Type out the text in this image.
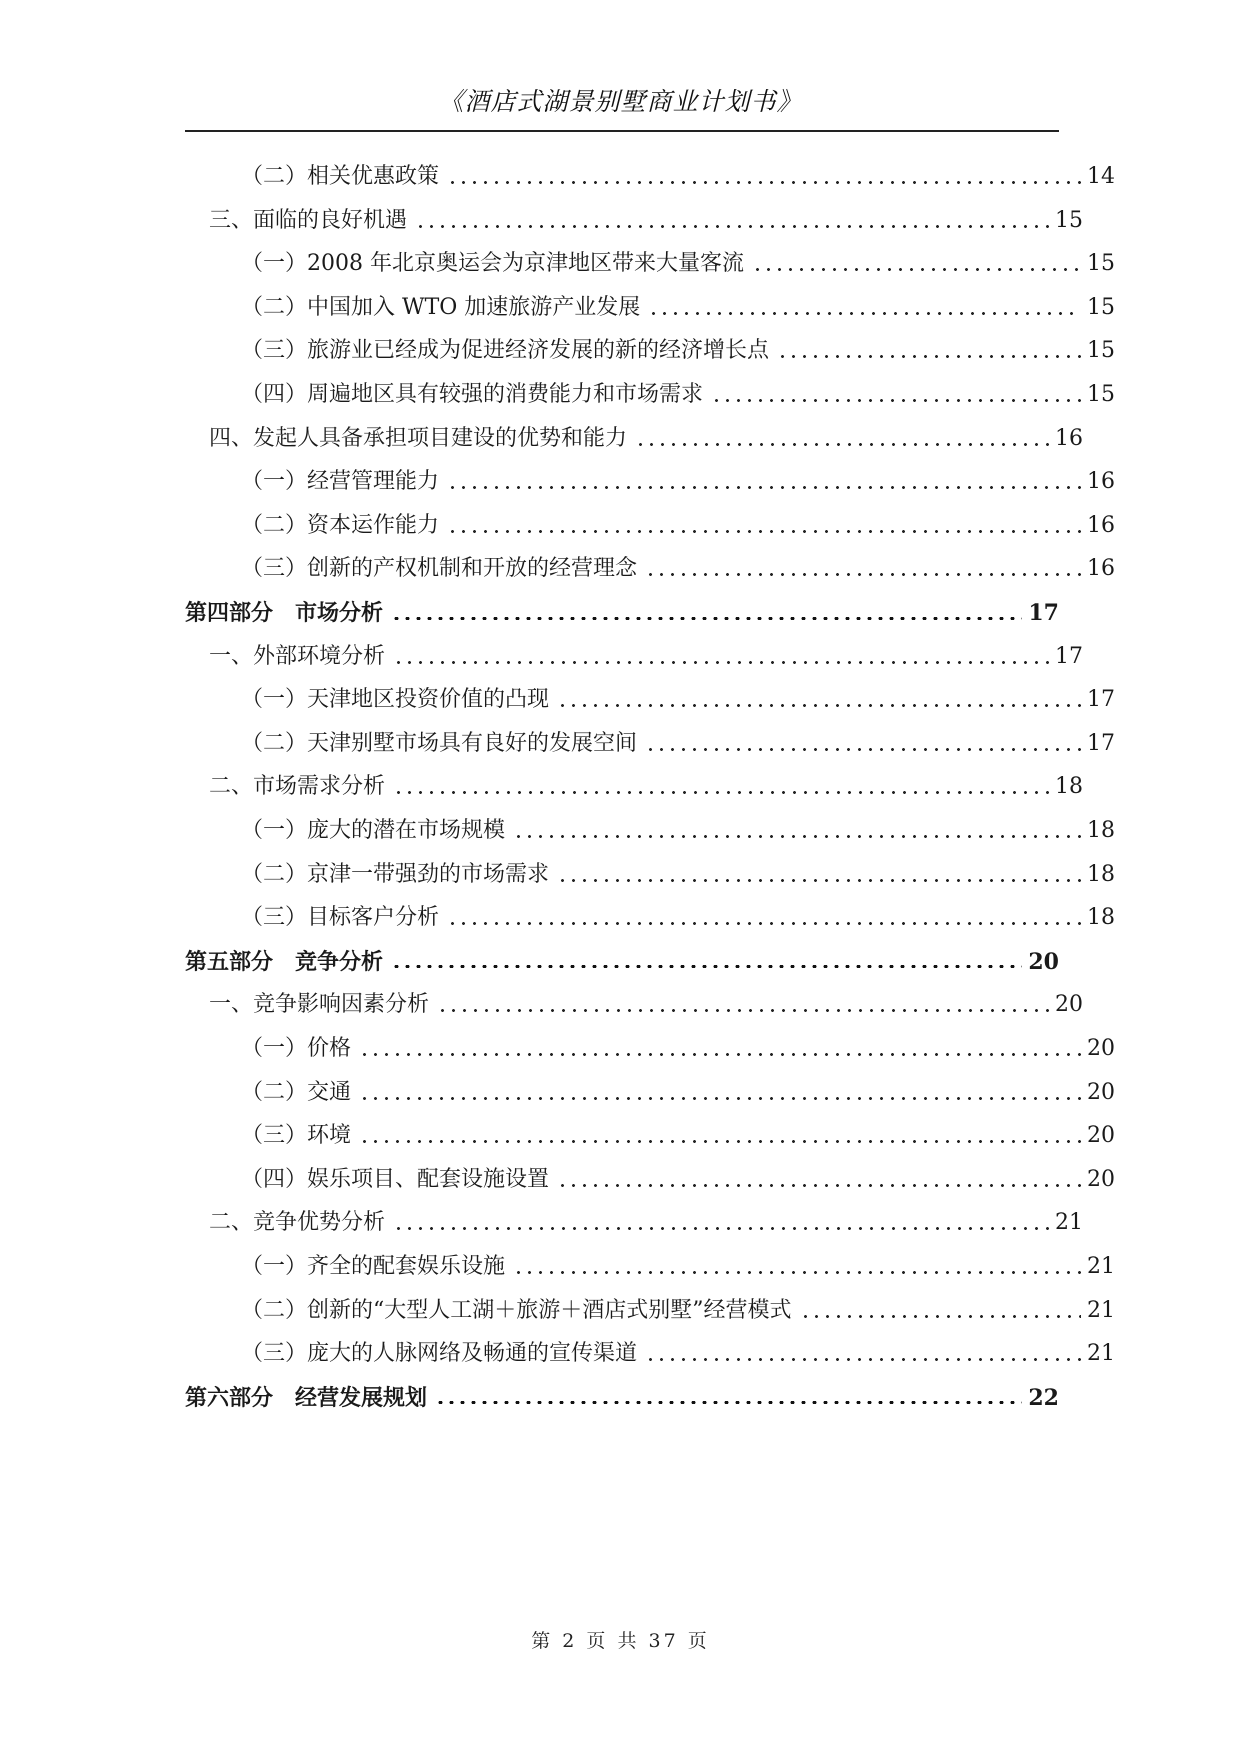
《酒店式湖景别墅商业计划书》
（二）相关优惠政策	14
三、面临的良好机遇	15
（一）2008 年北京奥运会为京津地区带来大量客流	15
（二）中国加入 WTO 加速旅游产业发展	15
（三）旅游业已经成为促进经济发展的新的经济增长点	15
（四）周遍地区具有较强的消费能力和市场需求	15
四、发起人具备承担项目建设的优势和能力	16
（一）经营管理能力	16
（二）资本运作能力	16
（三）创新的产权机制和开放的经营理念	16
第四部分　市场分析	17
一、外部环境分析	17
（一）天津地区投资价值的凸现	17
（二）天津别墅市场具有良好的发展空间	17
二、市场需求分析	18
（一）庞大的潜在市场规模	18
（二）京津一带强劲的市场需求	18
（三）目标客户分析	18
第五部分　竞争分析	20
一、竞争影响因素分析	20
（一）价格	20
（二）交通	20
（三）环境	20
（四）娱乐项目、配套设施设置	20
二、竞争优势分析	21
（一）齐全的配套娱乐设施	21
（二）创新的“大型人工湖＋旅游＋酒店式别墅”经营模式	21
（三）庞大的人脉网络及畅通的宣传渠道	21
第六部分　经营发展规划	22
第 2 页 共 37 页
